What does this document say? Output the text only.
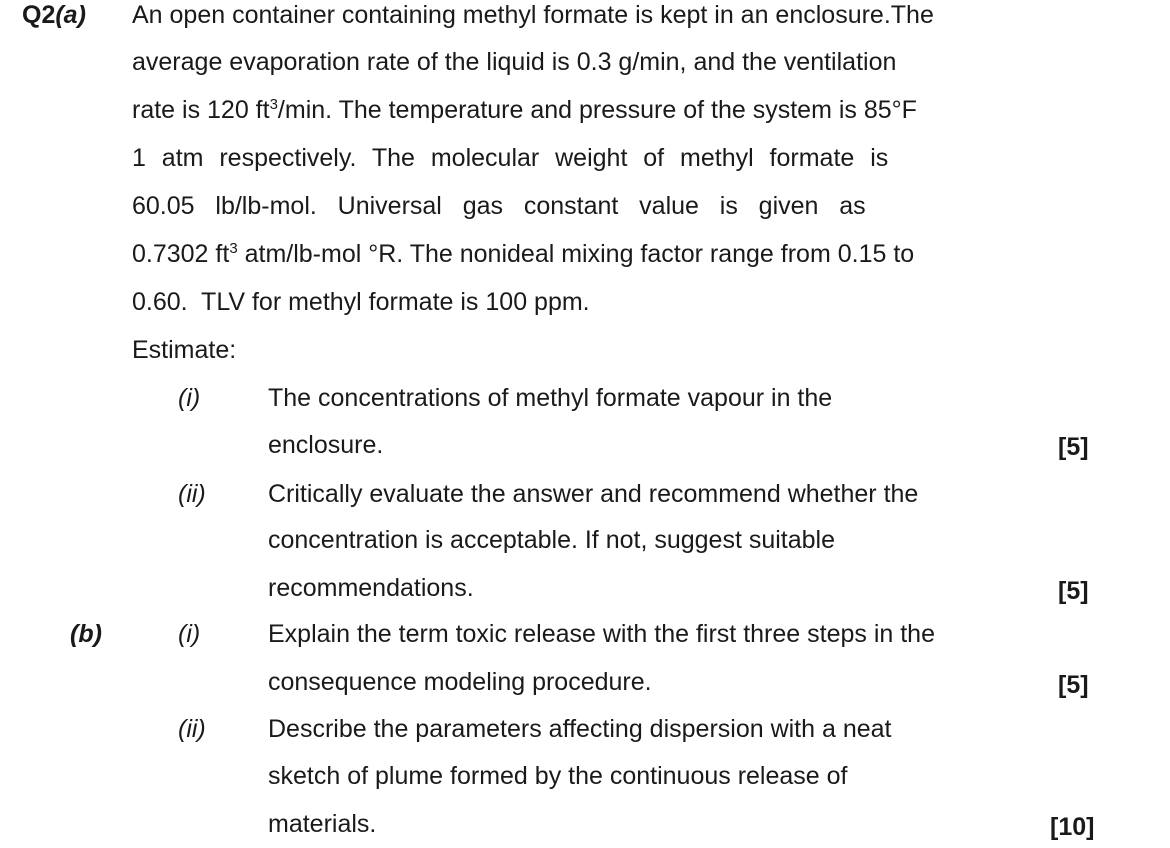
Q2(a) An open container containing methyl formate is kept in an enclosure.The
average evaporation rate of the liquid is 0.3 g/min, and the ventilation
rate is 120 $ft^3/\min$. The temperature and pressure of the system is 85°F
1  atm  respectively.  The  molecular  weight  of  methyl  formate  is
60.05   lb/lb-mol.   Universal   gas   constant   value   is   given   as
0.7302 $ft^3$ atm/lb-mol °R. The nonideal mixing factor range from 0.15 to
0.60.  TLV for methyl formate is 100 ppm.
Estimate:
(i)	The concentrations of methyl formate vapour in the
enclosure.	[5]
(ii) Critically evaluate the answer and recommend whether the
concentration is acceptable. If not, suggest suitable
recommendations.	[5]
(b)	(i)	Explain the term toxic release with the first three steps in the
consequence modeling procedure.	[5]
(ii) Describe the parameters affecting dispersion with a neat
sketch of plume formed by the continuous release of
materials.	[10]
